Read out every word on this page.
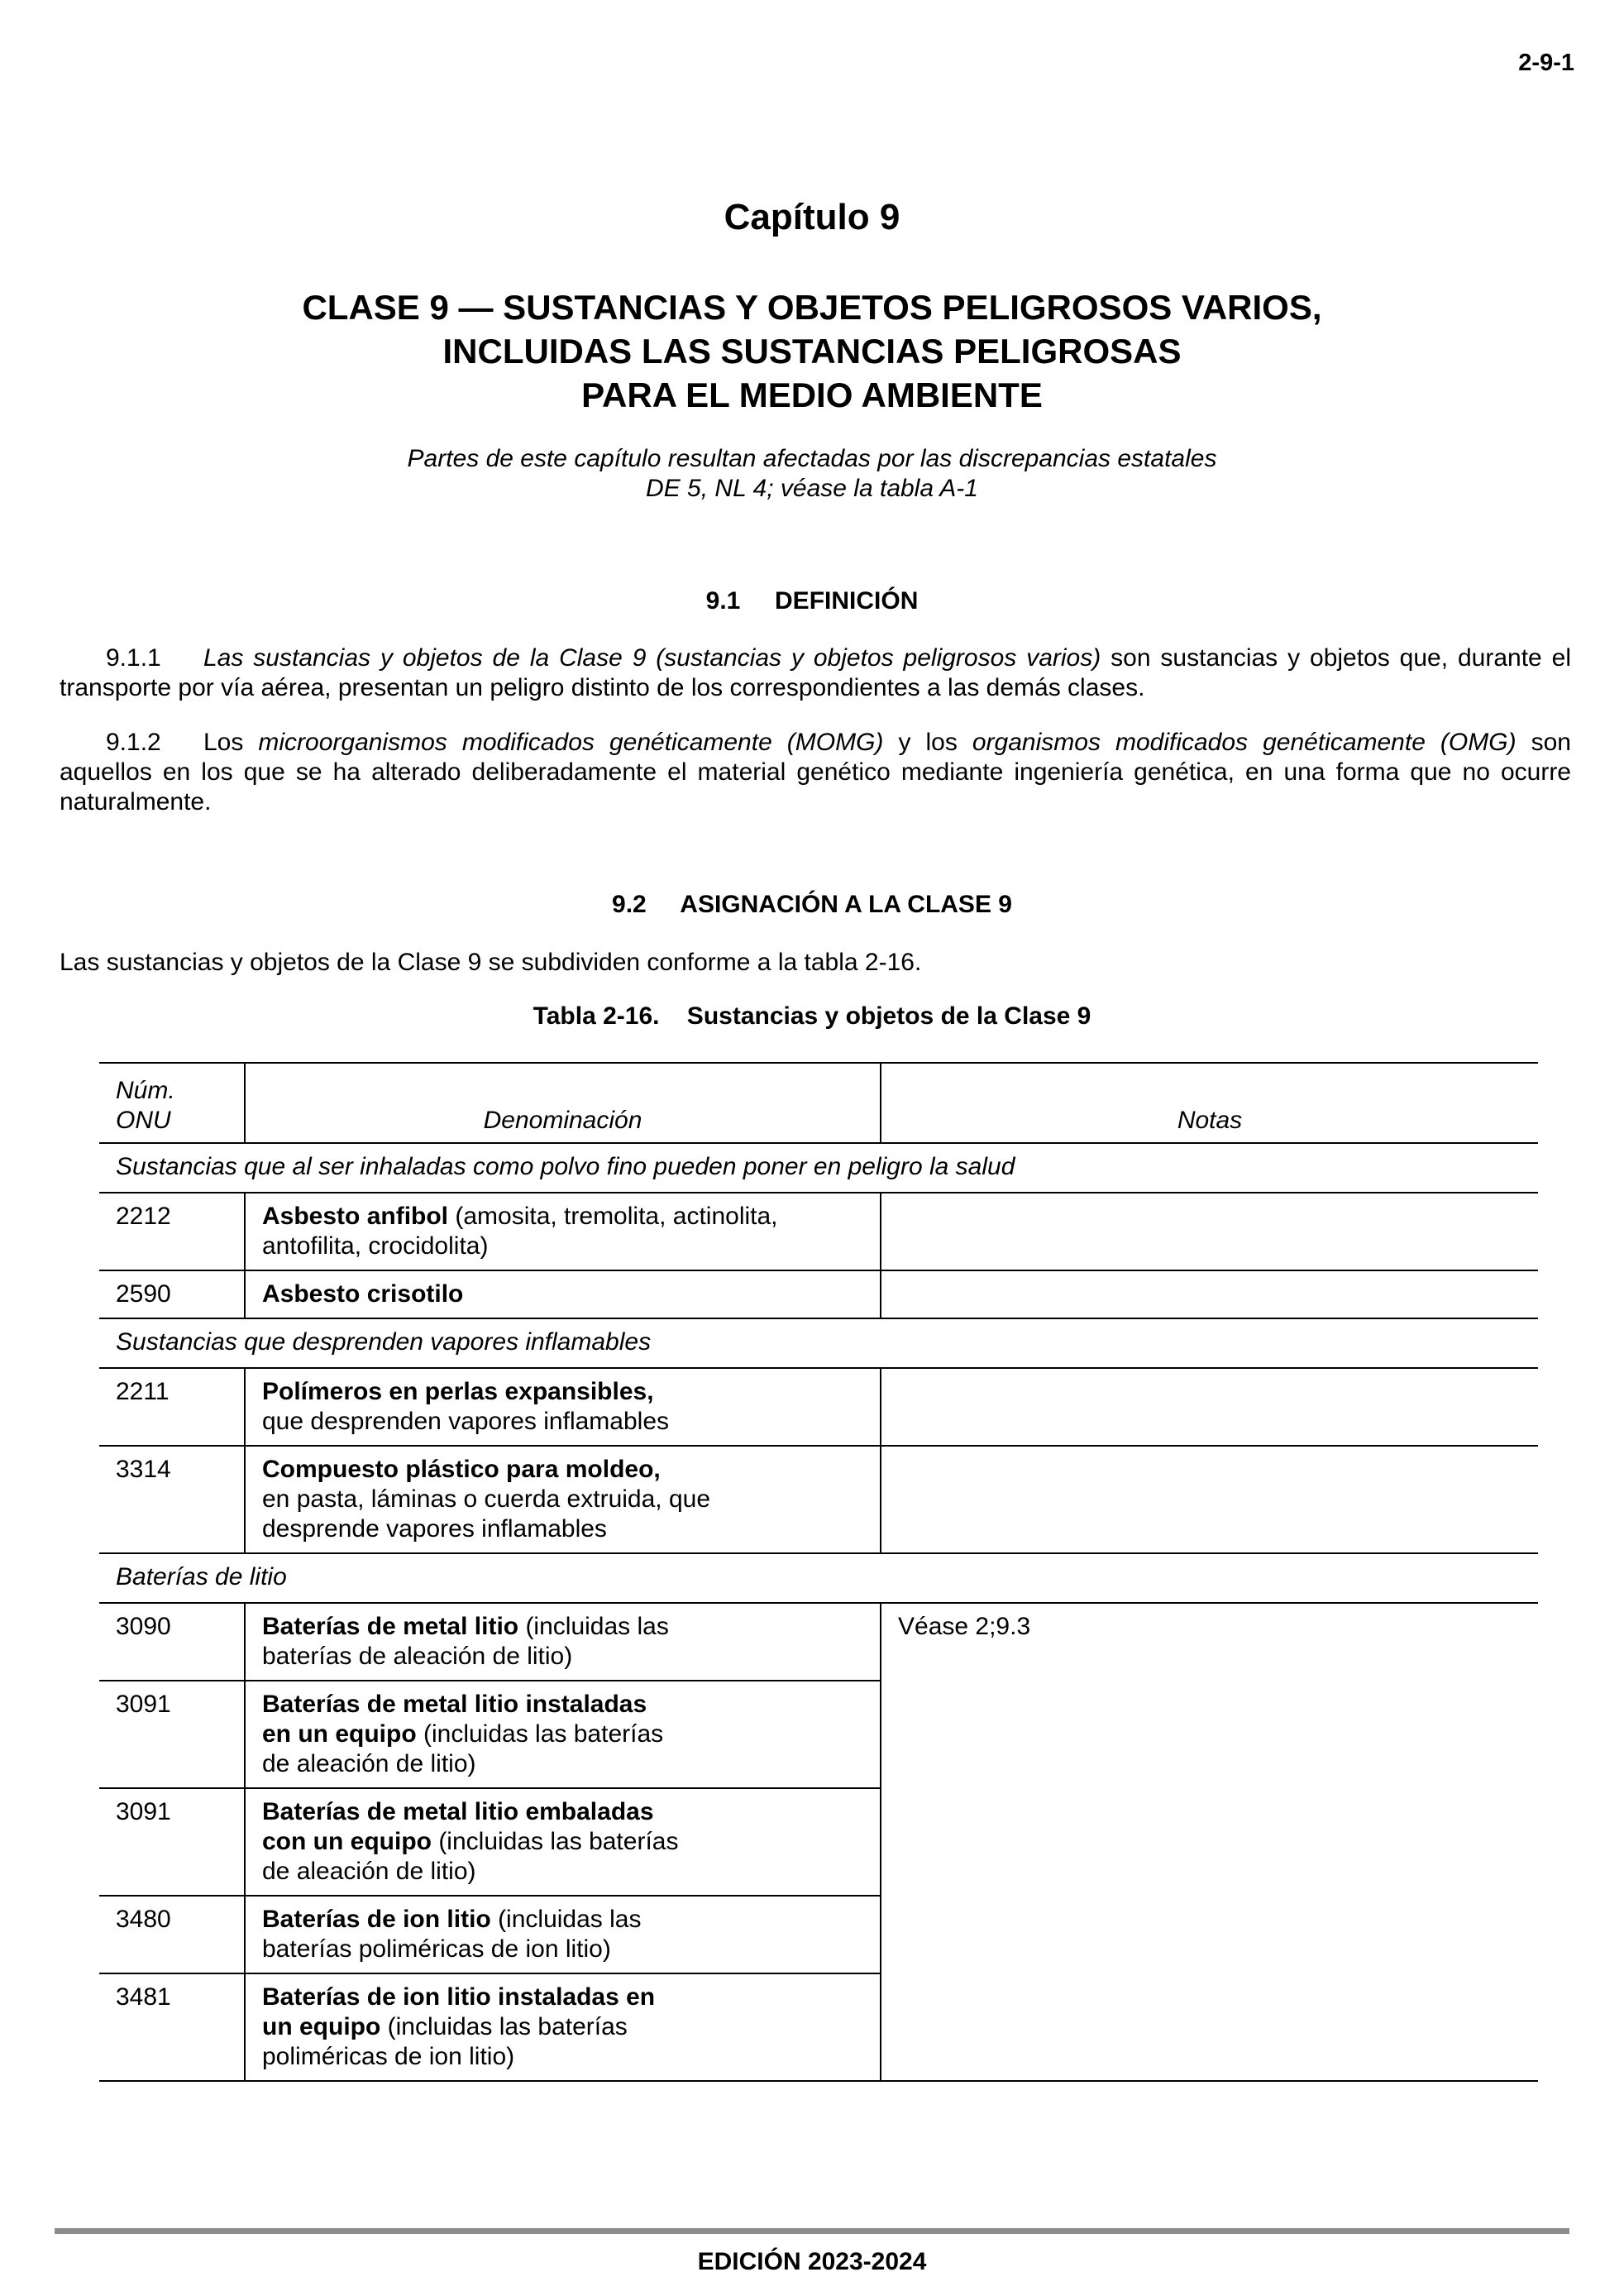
2-9-1
Capítulo 9
CLASE 9 — SUSTANCIAS Y OBJETOS PELIGROSOS VARIOS,
INCLUIDAS LAS SUSTANCIAS PELIGROSAS
PARA EL MEDIO AMBIENTE
Partes de este capítulo resultan afectadas por las discrepancias estatales
DE 5, NL 4; véase la tabla A-1
9.1     DEFINICIÓN
9.1.1 Las sustancias y objetos de la Clase 9 (sustancias y objetos peligrosos varios) son sustancias y objetos que, durante el transporte por vía aérea, presentan un peligro distinto de los correspondientes a las demás clases.
9.1.2 Los microorganismos modificados genéticamente (MOMG) y los organismos modificados genéticamente (OMG) son aquellos en los que se ha alterado deliberadamente el material genético mediante ingeniería genética, en una forma que no ocurre naturalmente.
9.2     ASIGNACIÓN A LA CLASE 9
Las sustancias y objetos de la Clase 9 se subdividen conforme a la tabla 2-16.
Tabla 2-16.    Sustancias y objetos de la Clase 9
Núm.
ONU	Denominación	Notas
Sustancias que al ser inhaladas como polvo fino pueden poner en peligro la salud		
2212	Asbesto anfibol (amosita, tremolita, actinolita, antofilita, crocidolita)	
2590	Asbesto crisotilo	
Sustancias que desprenden vapores inflamables		
2211	Polímeros en perlas expansibles,
que desprenden vapores inflamables	
3314	Compuesto plástico para moldeo,
en pasta, láminas o cuerda extruida, que desprende vapores inflamables	
Baterías de litio		
3090	Baterías de metal litio (incluidas las baterías de aleación de litio)	Véase 2;9.3
3091	Baterías de metal litio instaladas en un equipo (incluidas las baterías de aleación de litio)	
3091	Baterías de metal litio embaladas con un equipo (incluidas las baterías de aleación de litio)	
3480	Baterías de ion litio (incluidas las baterías poliméricas de ion litio)	
3481	Baterías de ion litio instaladas en un equipo (incluidas las baterías poliméricas de ion litio)	
EDICIÓN 2023-2024
